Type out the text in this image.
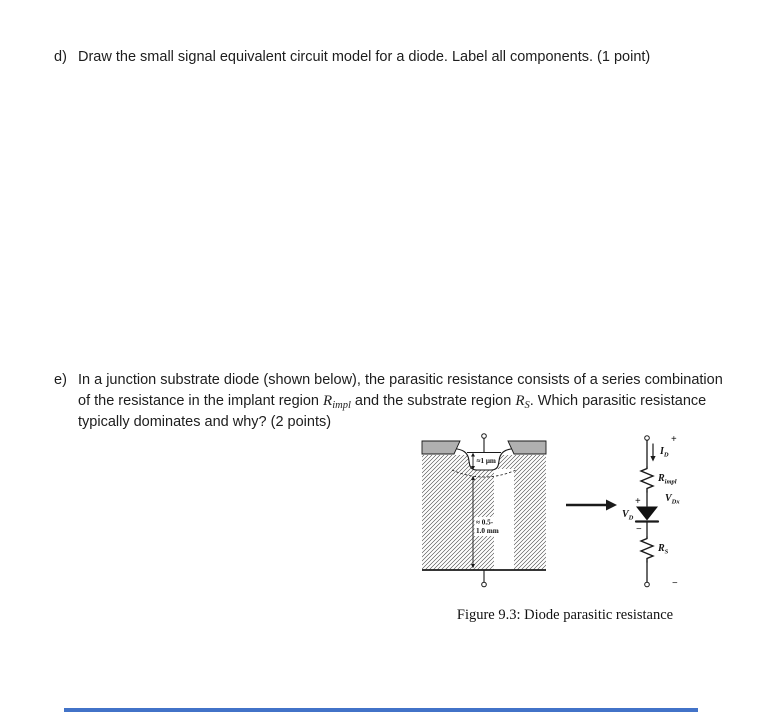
d) Draw the small signal equivalent circuit model for a diode. Label all components. (1 point)
e) In a junction substrate diode (shown below), the parasitic resistance consists of a series combination
of the resistance in the implant region $R_{impl}$ and the substrate region $R_S$. Which parasitic resistance
typically dominates and why? (2 points)
≈1 μm
≈ 0.5-
1.0 mm
+
$I_D$
$R_{impl}$
+
$V_D$
−
$V_{Dx}$
$R_S$
−
Figure 9.3: Diode parasitic resistance
